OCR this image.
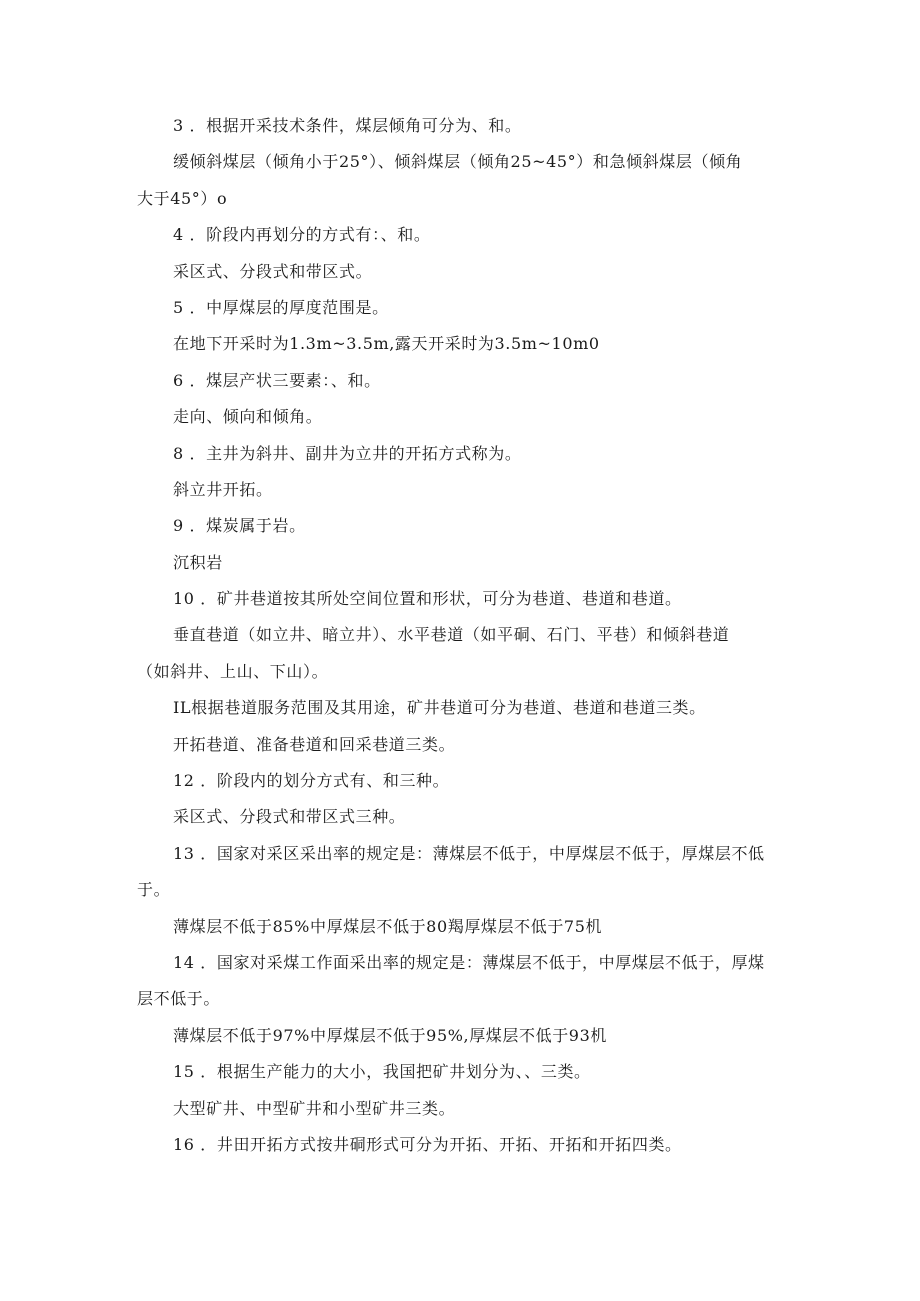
3 ．根据开采技术条件，煤层倾角可分为、和。
缓倾斜煤层（倾角小于25°）、倾斜煤层（倾角25~45°）和急倾斜煤层（倾角
大于45°）o
4 ．阶段内再划分的方式有：、和。
采区式、分段式和带区式。
5 ．中厚煤层的厚度范围是。
在地下开采时为1.3m~3.5m,露天开采时为3.5m~10m0
6 ．煤层产状三要素：、和。
走向、倾向和倾角。
8 ．主井为斜井、副井为立井的开拓方式称为。
斜立井开拓。
9 ．煤炭属于岩。
沉积岩
10 ．矿井巷道按其所处空间位置和形状，可分为巷道、巷道和巷道。
垂直巷道（如立井、暗立井）、水平巷道（如平硐、石门、平巷）和倾斜巷道
（如斜井、上山、下山）。
IL根据巷道服务范围及其用途，矿井巷道可分为巷道、巷道和巷道三类。
开拓巷道、准备巷道和回采巷道三类。
12 ．阶段内的划分方式有、和三种。
采区式、分段式和带区式三种。
13 ．国家对采区采出率的规定是：薄煤层不低于，中厚煤层不低于，厚煤层不低
于。
薄煤层不低于85%中厚煤层不低于80羯厚煤层不低于75机
14 ．国家对采煤工作面采出率的规定是：薄煤层不低于，中厚煤层不低于，厚煤
层不低于。
薄煤层不低于97%中厚煤层不低于95%,厚煤层不低于93机
15 ．根据生产能力的大小，我国把矿井划分为、、三类。
大型矿井、中型矿井和小型矿井三类。
16 ．井田开拓方式按井硐形式可分为开拓、开拓、开拓和开拓四类。
